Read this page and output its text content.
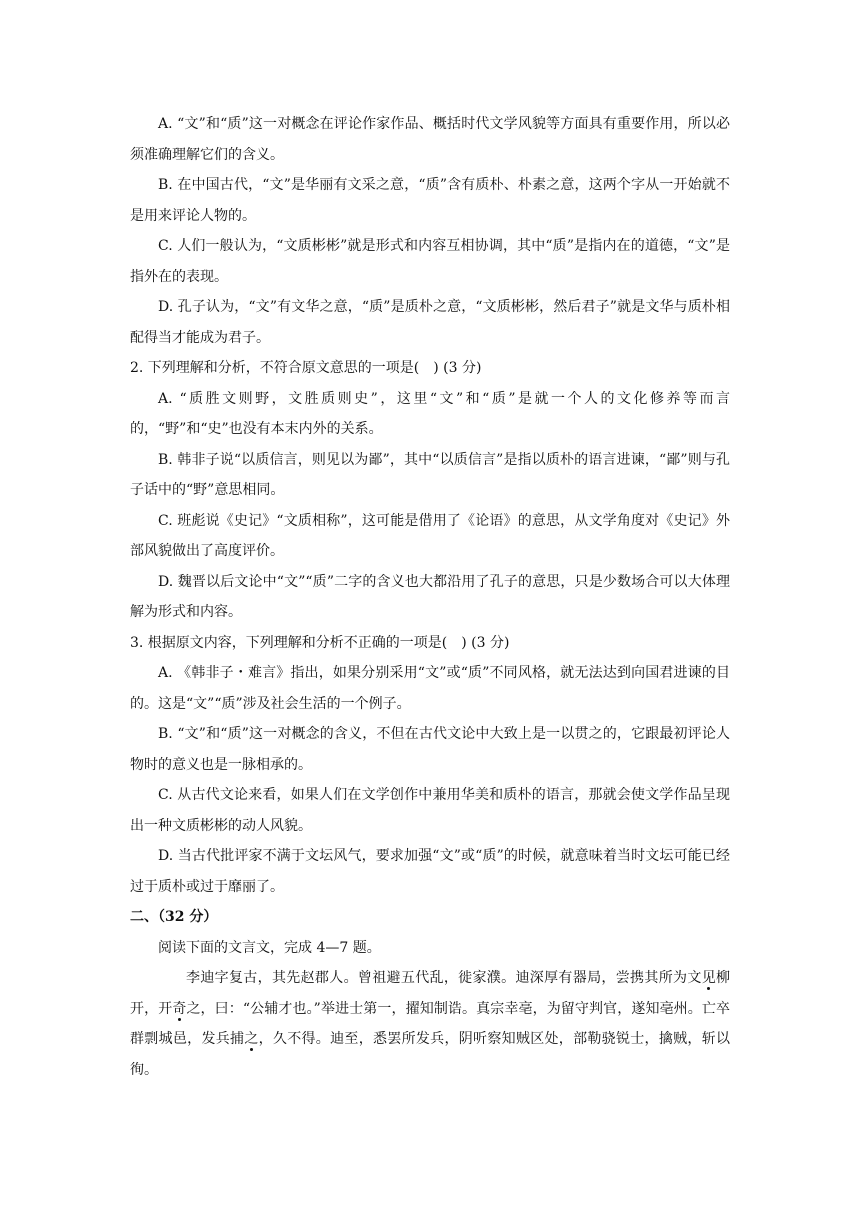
A. “文”和“质”这一对概念在评论作家作品、概括时代文学风貌等方面具有重要作用，所以必须准确理解它们的含义。

B. 在中国古代，“文”是华丽有文采之意，“质”含有质朴、朴素之意，这两个字从一开始就不是用来评论人物的。

C. 人们一般认为，“文质彬彬”就是形式和内容互相协调，其中“质”是指内在的道德，“文”是指外在的表现。

D. 孔子认为，“文”有文华之意，“质”是质朴之意，“文质彬彬，然后君子”就是文华与质朴相配得当才能成为君子。

2. 下列理解和分析，不符合原文意思的一项是(　) (3 分)

A. “质胜文则野，文胜质则史”，这里“文”和“质”是就一个人的文化修养等而言的，“野”和“史”也没有本末内外的关系。

B. 韩非子说“以质信言，则见以为鄙”，其中“以质信言”是指以质朴的语言进谏，“鄙”则与孔子话中的“野”意思相同。

C. 班彪说《史记》“文质相称”，这可能是借用了《论语》的意思，从文学角度对《史记》外部风貌做出了高度评价。

D. 魏晋以后文论中“文”“质”二字的含义也大都沿用了孔子的意思，只是少数场合可以大体理解为形式和内容。

3. 根据原文内容，下列理解和分析不正确的一项是(　) (3 分)

A. 《韩非子・难言》指出，如果分别采用“文”或“质”不同风格，就无法达到向国君进谏的目的。这是“文”“质”涉及社会生活的一个例子。

B. “文”和“质”这一对概念的含义，不但在古代文论中大致上是一以贯之的，它跟最初评论人物时的意义也是一脉相承的。

C. 从古代文论来看，如果人们在文学创作中兼用华美和质朴的语言，那就会使文学作品呈现出一种文质彬彬的动人风貌。

D. 当古代批评家不满于文坛风气，要求加强“文”或“质”的时候，就意味着当时文坛可能已经过于质朴或过于靡丽了。

二、（32 分）

阅读下面的文言文，完成 4—7 题。

李迪字复古，其先赵郡人。曾祖避五代乱，徙家濮。迪深厚有器局，尝携其所为文见柳开，开奇之，曰：“公辅才也。”举进士第一，擢知制诰。真宗幸亳，为留守判官，遂知亳州。亡卒群剽城邑，发兵捕之，久不得。迪至，悉罢所发兵，阴听察知贼区处，部勒骁锐士，擒贼，斩以徇。
